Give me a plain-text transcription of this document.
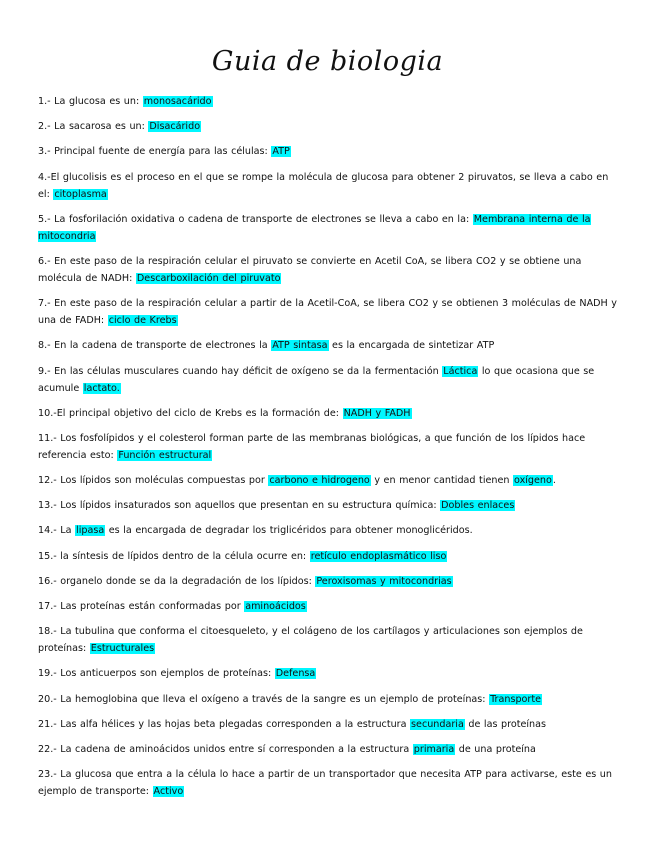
Guia de biologia
1.- La glucosa es un: monosacárido
2.- La sacarosa es un: Disacárido
3.- Principal fuente de energía para las células: ATP
4.-El glucolisis es el proceso en el que se rompe la molécula de glucosa para obtener 2 piruvatos, se lleva a cabo en el: citoplasma
5.- La fosforilación oxidativa o cadena de transporte de electrones se lleva a cabo en la: Membrana interna de la mitocondria
6.- En este paso de la respiración celular el piruvato se convierte en Acetil CoA, se libera CO2 y se obtiene una molécula de NADH: Descarboxilación del piruvato
7.- En este paso de la respiración celular a partir de la Acetil-CoA, se libera CO2 y se obtienen 3 moléculas de NADH y una de FADH: ciclo de Krebs
8.- En la cadena de transporte de electrones la ATP sintasa es la encargada de sintetizar ATP
9.- En las células musculares cuando hay déficit de oxígeno se da la fermentación Láctica lo que ocasiona que se acumule lactato.
10.-El principal objetivo del ciclo de Krebs es la formación de: NADH y FADH
11.- Los fosfolípidos y el colesterol forman parte de las membranas biológicas, a que función de los lípidos hace referencia esto: Función estructural
12.- Los lípidos son moléculas compuestas por carbono e hidrogeno y en menor cantidad tienen oxígeno.
13.- Los lípidos insaturados son aquellos que presentan en su estructura química: Dobles enlaces
14.- La lipasa es la encargada de degradar los triglicéridos para obtener monoglicéridos.
15.- la síntesis de lípidos dentro de la célula ocurre en: retículo endoplasmático liso
16.- organelo donde se da la degradación de los lípidos: Peroxisomas y mitocondrias
17.- Las proteínas están conformadas por aminoácidos
18.- La tubulina que conforma el citoesqueleto, y el colágeno de los cartílagos y articulaciones son ejemplos de proteínas: Estructurales
19.- Los anticuerpos son ejemplos de proteínas: Defensa
20.- La hemoglobina que lleva el oxígeno a través de la sangre es un ejemplo de proteínas: Transporte
21.- Las alfa hélices y las hojas beta plegadas corresponden a la estructura secundaria de las proteínas
22.- La cadena de aminoácidos unidos entre sí corresponden a la estructura primaria de una proteína
23.- La glucosa que entra a la célula lo hace a partir de un transportador que necesita ATP para activarse, este es un ejemplo de transporte: Activo
